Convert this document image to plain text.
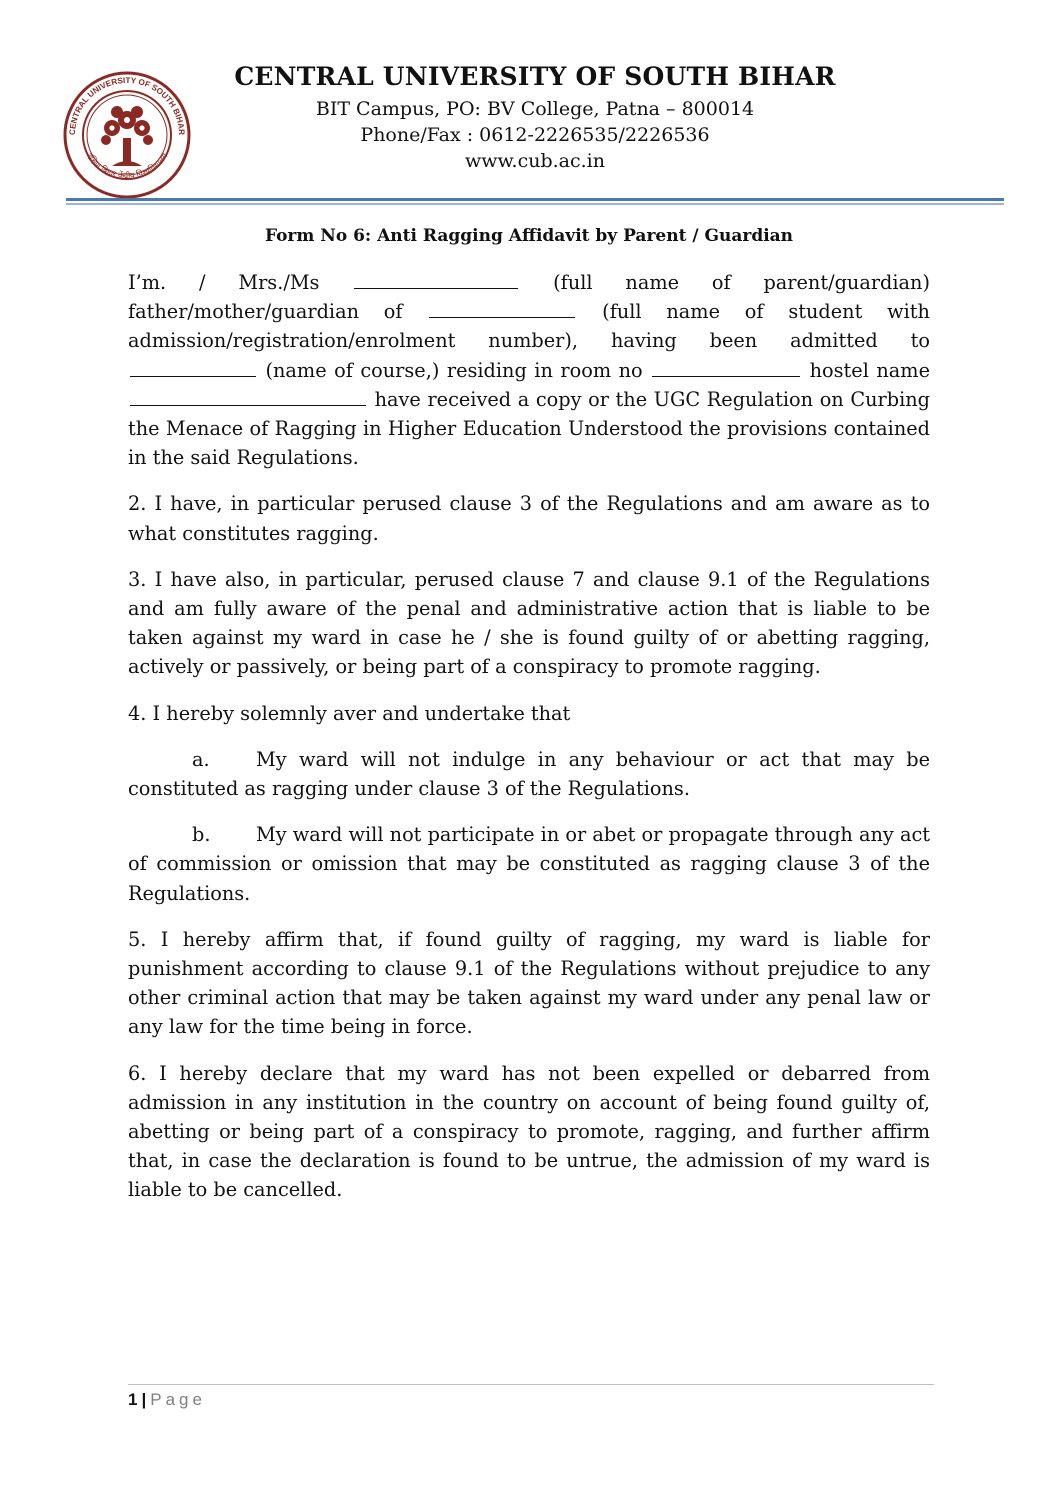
CENTRAL UNIVERSITY OF SOUTH BIHAR
दक्षिण बिहार केंद्रीय विश्वविद्यालय
CENTRAL UNIVERSITY OF SOUTH BIHAR
BIT Campus, PO: BV College, Patna – 800014
Phone/Fax : 0612-2226535/2226536
www.cub.ac.in
Form No 6: Anti Ragging Affidavit by Parent / Guardian

I’m. / Mrs./Ms	(full name of parent/guardian) father/mother/guardian of	(full name of student with admission/registration/enrolment number), having been admitted to  (name of course,) residing in room no	hostel name  have received a copy or the UGC Regulation on Curbing the Menace of Ragging in Higher Education Understood the provisions contained in the said Regulations.

2. I have, in particular perused clause 3 of the Regulations and am aware as to what constitutes ragging.

3. I have also, in particular, perused clause 7 and clause 9.1 of the Regulations and am fully aware of the penal and administrative action that is liable to be taken against my ward in case he / she is found guilty of or abetting ragging, actively or passively, or being part of a conspiracy to promote ragging.

4. I hereby solemnly aver and undertake that

a. My ward will not indulge in any behaviour or act that may be constituted as ragging under clause 3 of the Regulations.

b. My ward will not participate in or abet or propagate through any act of commission or omission that may be constituted as ragging clause 3 of the Regulations.

5. I hereby affirm that, if found guilty of ragging, my ward is liable for punishment according to clause 9.1 of the Regulations without prejudice to any other criminal action that may be taken against my ward under any penal law or any law for the time being in force.

6. I hereby declare that my ward has not been expelled or debarred from admission in any institution in the country on account of being found guilty of, abetting or being part of a conspiracy to promote, ragging, and further affirm that, in case the declaration is found to be untrue, the admission of my ward is liable to be cancelled.

1 | Page
